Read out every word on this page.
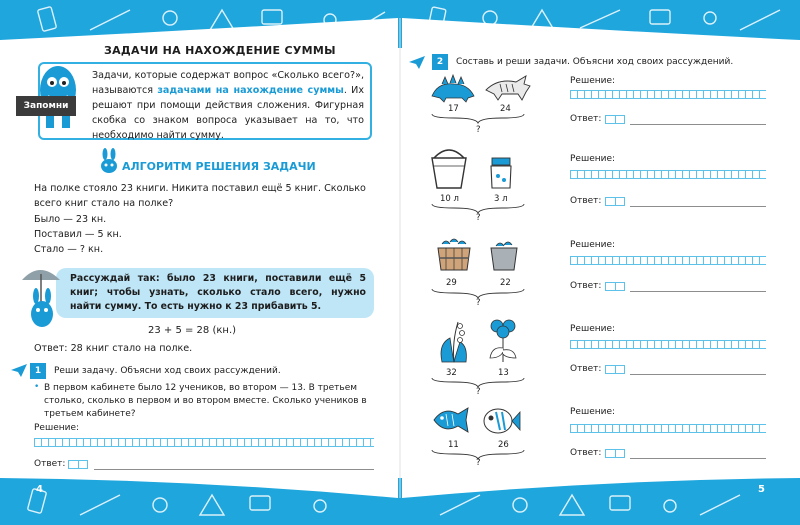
4	5
ЗАДАЧИ НА НАХОЖДЕНИЕ СУММЫ
Запомни
Задачи, которые содержат вопрос «Сколько всего?», называются задачами на нахождение суммы. Их решают при помощи действия сложения. Фигурная скобка со знаком вопроса указывает на то, что необходимо найти сумму.
АЛГОРИТМ РЕШЕНИЯ ЗАДАЧИ
На полке стояло 23 книги. Никита поставил ещё 5 книг. Сколько всего книг стало на полке?
Было — 23 кн.
Поставил — 5 кн.
Стало — ? кн.
Рассуждай так: было 23 книги, поставили ещё 5 книг; чтобы узнать, сколько стало всего, нужно найти сумму. То есть нужно к 23 прибавить 5.
23 + 5 = 28 (кн.)
Ответ: 28 книг стало на полке.
1	Реши задачу. Объясни ход своих рассуждений.
• В первом кабинете было 12 учеников, во втором — 13. В третьем столько, сколько в первом и во втором вместе. Сколько учеников в третьем кабинете?
Решение:
Ответ:
2	Составь и реши задачи. Объясни ход своих рассуждений.
17	24
?
Решение:
Ответ:
10 л	3 л
?
Решение:
Ответ:
29	22
?
Решение:
Ответ:
32	13
?
Решение:
Ответ:
11	26
?
Решение:
Ответ:
